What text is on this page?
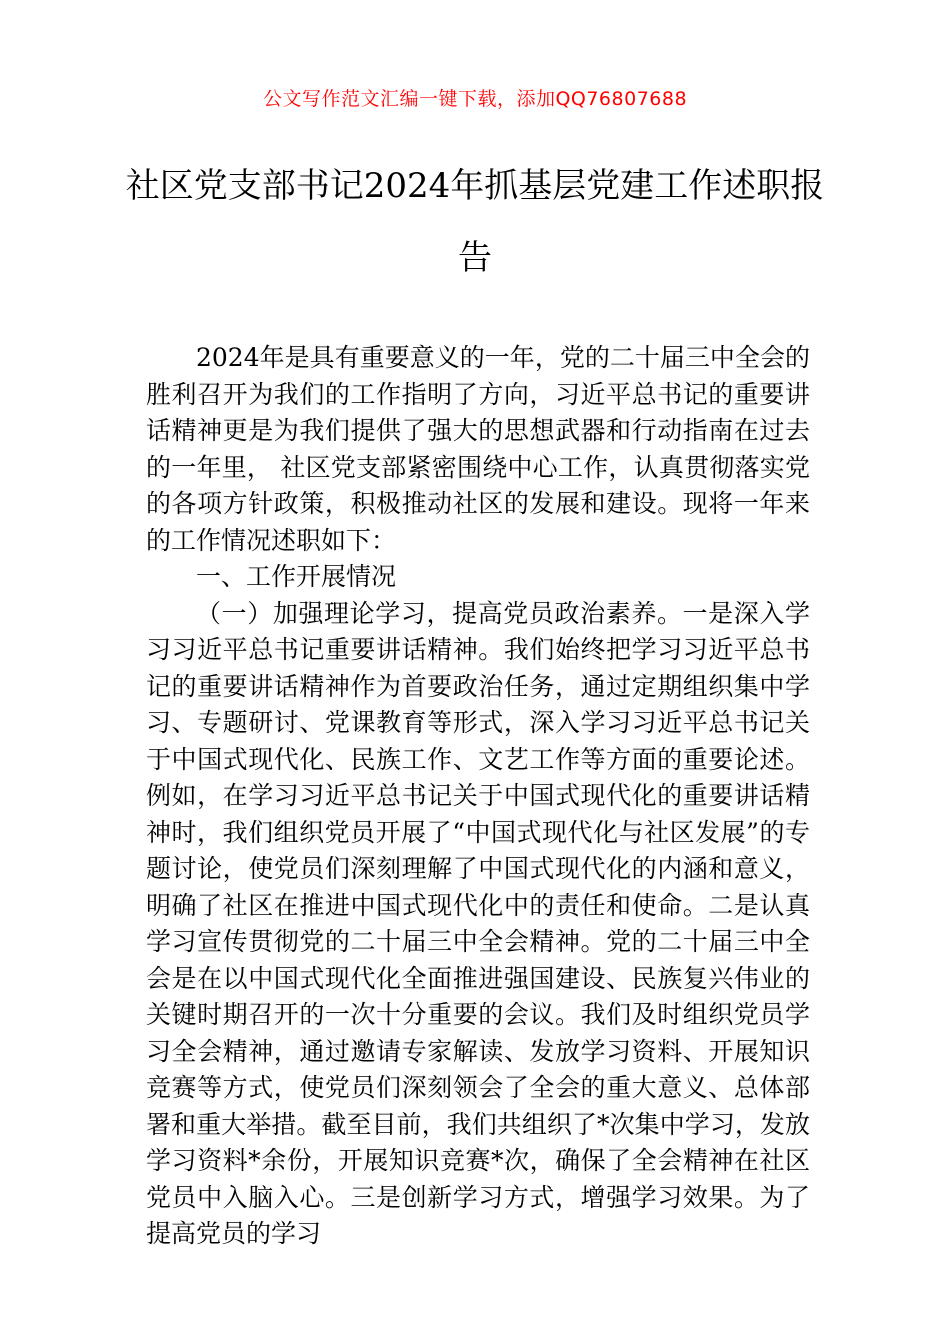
公文写作范文汇编一键下载，添加QQ76807688
社区党支部书记2024年抓基层党建工作述职报告

2024年是具有重要意义的一年，党的二十届三中全会的胜利召开为我们的工作指明了方向，习近平总书记的重要讲话精神更是为我们提供了强大的思想武器和行动指南在过去的一年里， 社区党支部紧密围绕中心工作，认真贯彻落实党的各项方针政策，积极推动社区的发展和建设。现将一年来的工作情况述职如下：

一、工作开展情况

（一）加强理论学习，提高党员政治素养。一是深入学习习近平总书记重要讲话精神。我们始终把学习习近平总书记的重要讲话精神作为首要政治任务，通过定期组织集中学习、专题研讨、党课教育等形式，深入学习习近平总书记关于中国式现代化、民族工作、文艺工作等方面的重要论述。例如，在学习习近平总书记关于中国式现代化的重要讲话精神时，我们组织党员开展了“中国式现代化与社区发展”的专题讨论，使党员们深刻理解了中国式现代化的内涵和意义，明确了社区在推进中国式现代化中的责任和使命。二是认真学习宣传贯彻党的二十届三中全会精神。党的二十届三中全会是在以中国式现代化全面推进强国建设、民族复兴伟业的关键时期召开的一次十分重要的会议。我们及时组织党员学习全会精神，通过邀请专家解读、发放学习资料、开展知识竞赛等方式，使党员们深刻领会了全会的重大意义、总体部署和重大举措。截至目前，我们共组织了*次集中学习，发放学习资料*余份，开展知识竞赛*次，确保了全会精神在社区党员中入脑入心。三是创新学习方式，增强学习效果。为了提高党员的学习
